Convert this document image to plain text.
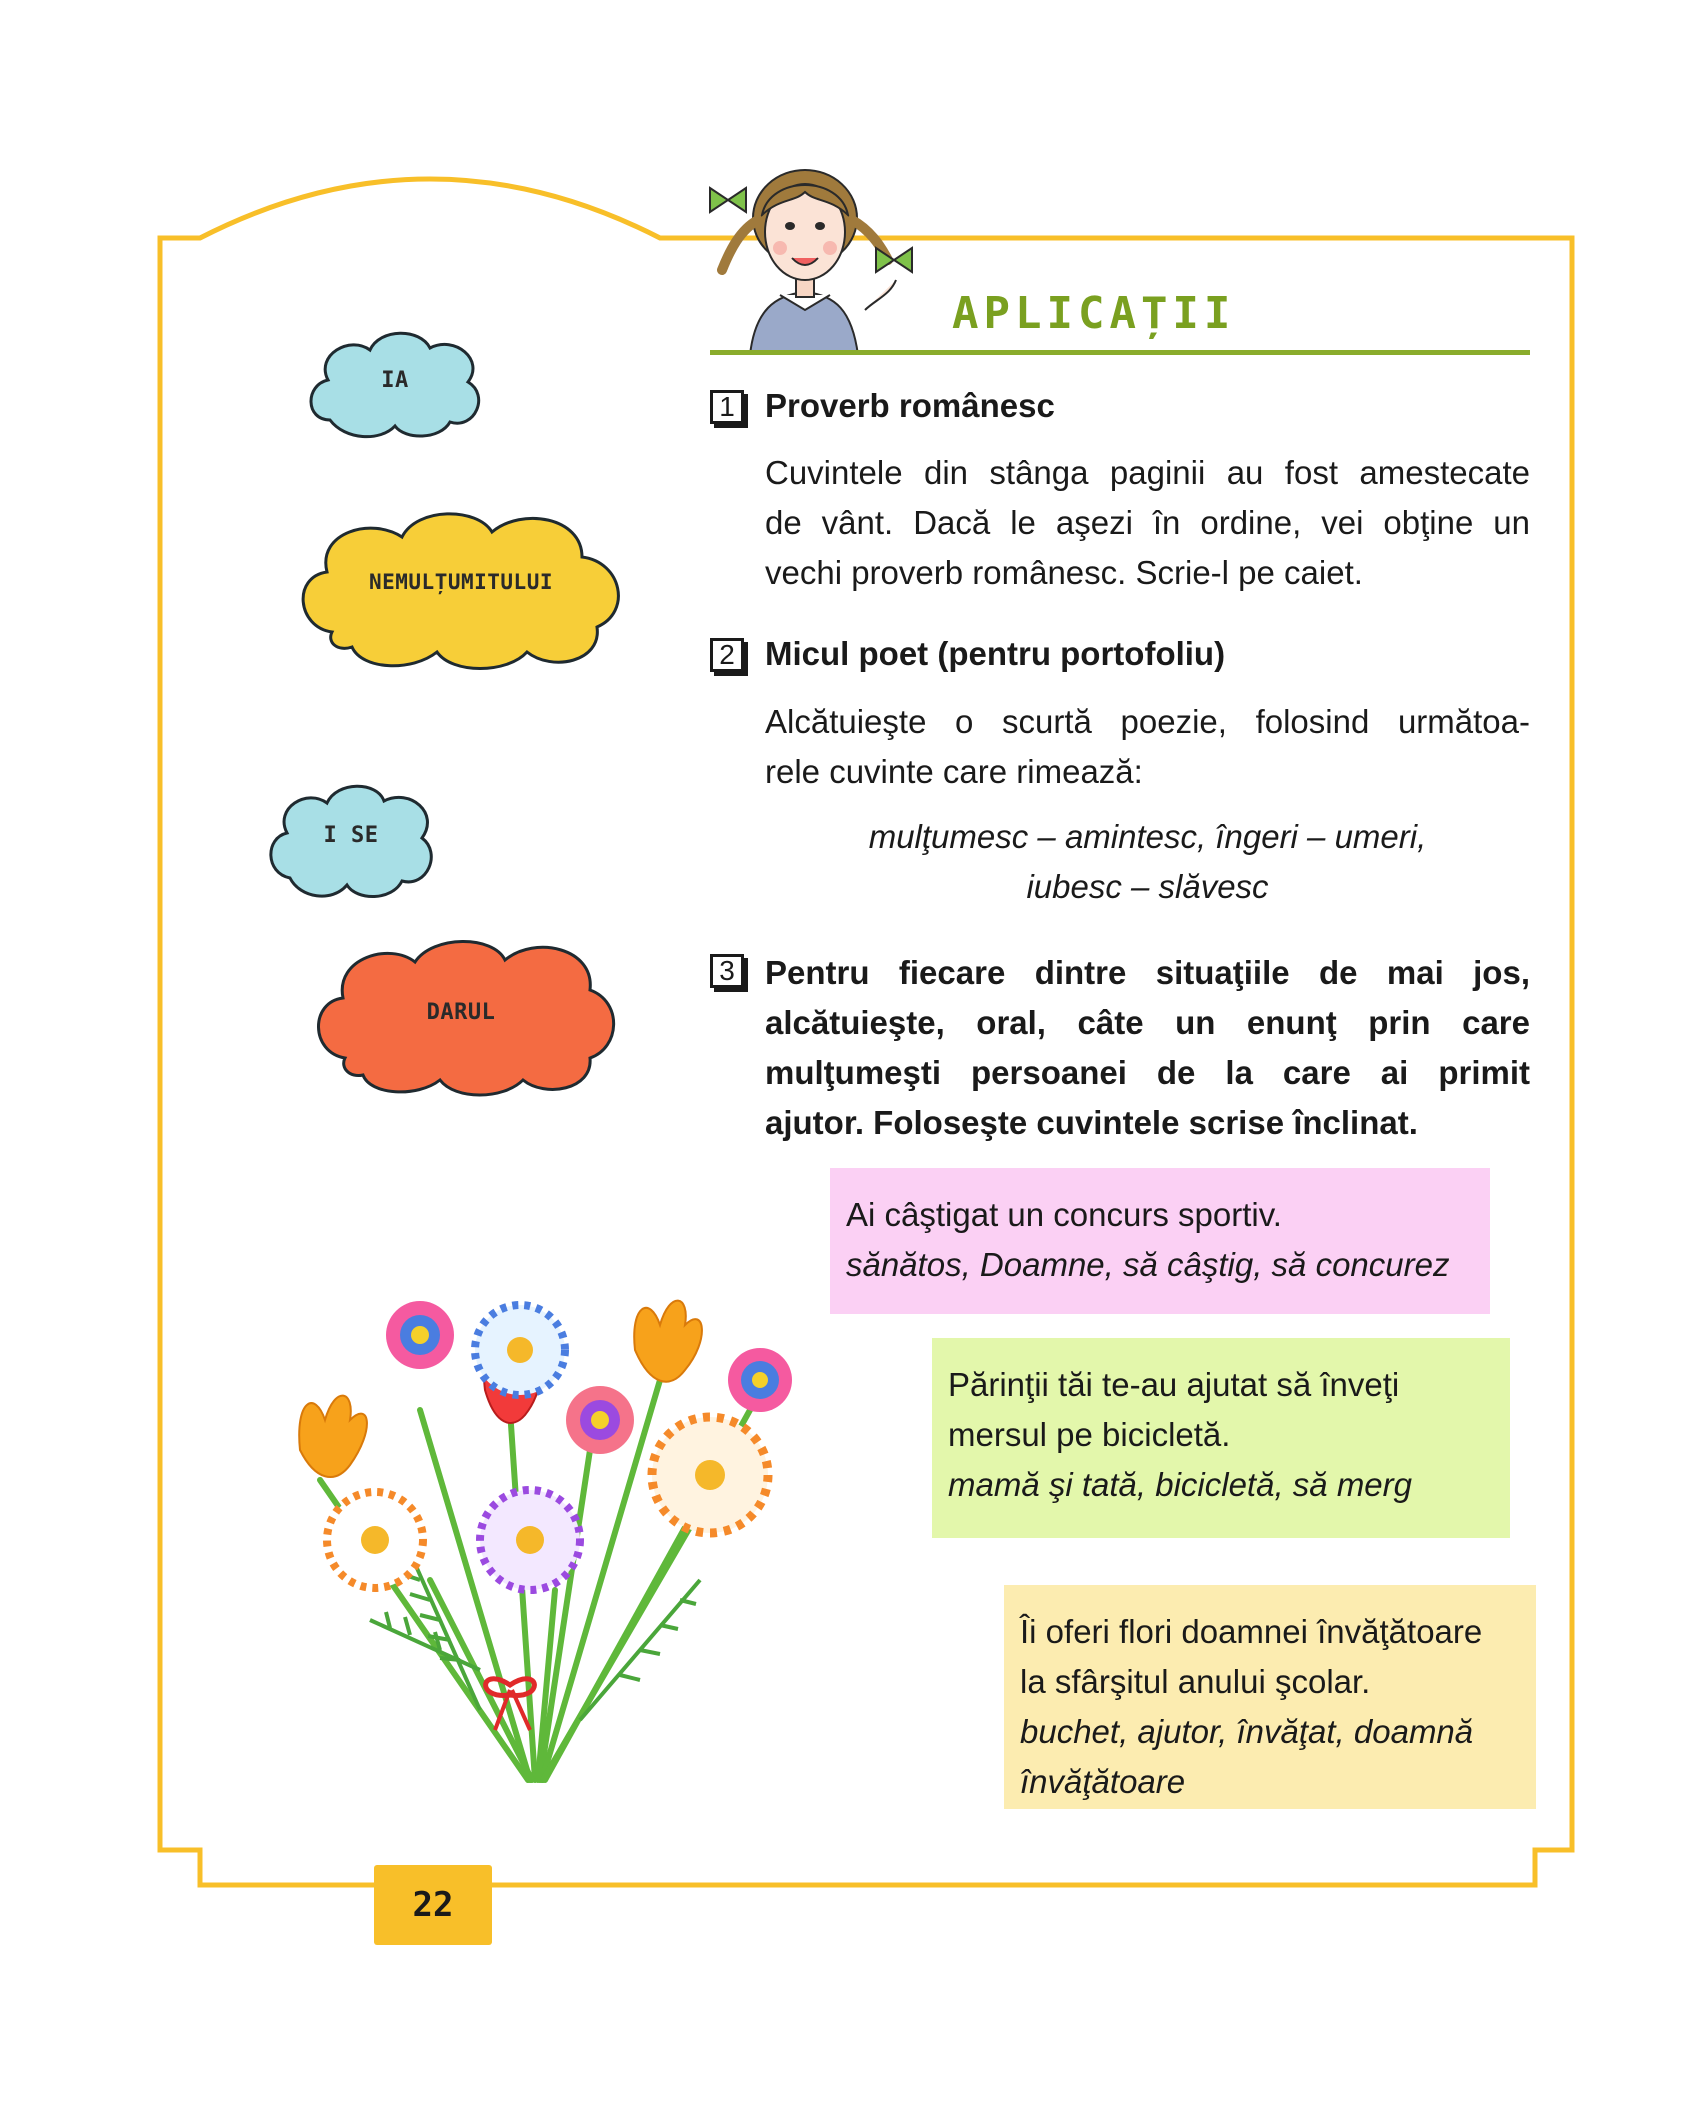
IA
NEMULȚUMITULUI
I SE
DARUL
APLICAȚII
1 Proverb românesc
Cuvintele din stânga paginii au fost amestecate
de vânt. Dacă le aşezi în ordine, vei obţine un
vechi proverb românesc. Scrie-l pe caiet.
2 Micul poet (pentru portofoliu)
Alcătuieşte o scurtă poezie, folosind următoa-
rele cuvinte care rimează:
mulţumesc – amintesc, îngeri – umeri,
iubesc – slăvesc
3 Pentru fiecare dintre situaţiile de mai jos,
alcătuieşte, oral, câte un enunţ prin care
mulţumeşti persoanei de la care ai primit
ajutor. Foloseşte cuvintele scrise înclinat.
Ai câştigat un concurs sportiv.
sănătos, Doamne, să câştig, să concurez
Părinţii tăi te-au ajutat să înveţi
mersul pe bicicletă.
mamă şi tată, bicicletă, să merg
Îi oferi flori doamnei învăţătoare
la sfârşitul anului şcolar.
buchet, ajutor, învăţat, doamnă
învăţătoare
22
